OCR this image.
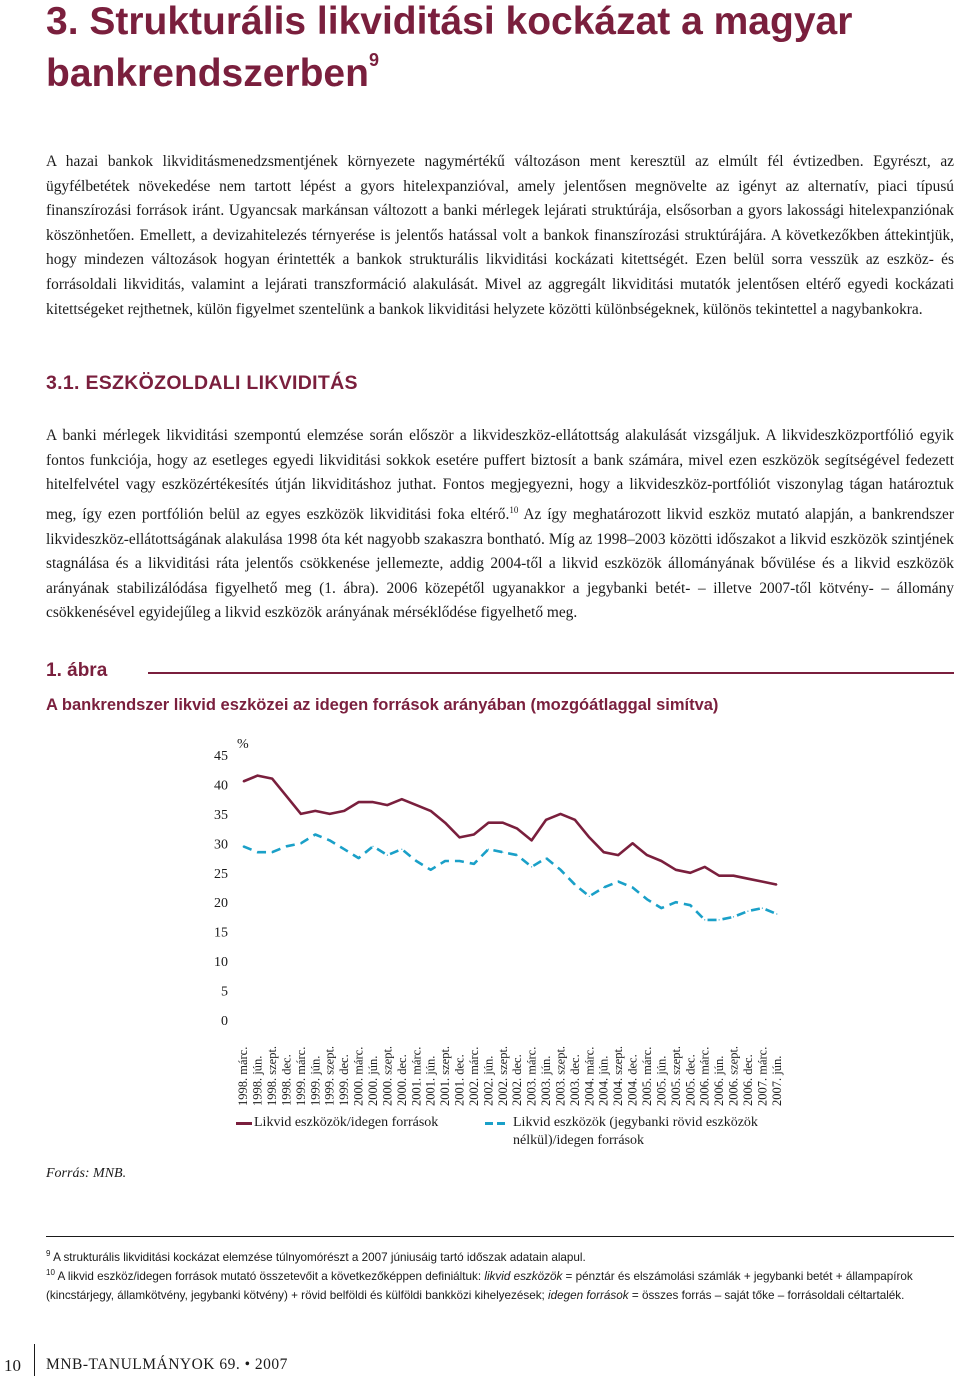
3. Strukturális likviditási kockázat a magyar bankrendszerben$^9$

A hazai bankok likviditásmenedzsmentjének környezete nagymértékű változáson ment keresztül az elmúlt fél évtizedben. Egyrészt, az ügyfélbetétek növekedése nem tartott lépést a gyors hitelexpanzióval, amely jelentősen megnövelte az igényt az alternatív, piaci típusú finanszírozási források iránt. Ugyancsak markánsan változott a banki mérlegek lejárati struktúrája, elsősorban a gyors lakossági hitelexpanziónak köszönhetően. Emellett, a devizahitelezés térnyerése is jelentős hatással volt a bankok finanszírozási struktúrájára. A következőkben áttekintjük, hogy mindezen változások hogyan érintették a bankok strukturális likviditási kockázati kitettségét. Ezen belül sorra vesszük az eszköz- és forrásoldali likviditás, valamint a lejárati transzformáció alakulását. Mivel az aggregált likviditási mutatók jelentősen eltérő egyedi kockázati kitettségeket rejthetnek, külön figyelmet szentelünk a bankok likviditási helyzete közötti különbségeknek, különös tekintettel a nagybankokra.

3.1. ESZKÖZOLDALI LIKVIDITÁS

A banki mérlegek likviditási szempontú elemzése során először a likvideszköz-ellátottság alakulását vizsgáljuk. A likvideszközportfólió egyik fontos funkciója, hogy az esetleges egyedi likviditási sokkok esetére puffert biztosít a bank számára, mivel ezen eszközök segítségével fedezett hitelfelvétel vagy eszközértékesítés útján likviditáshoz juthat. Fontos megjegyezni, hogy a likvideszköz-portfóliót viszonylag tágan határoztuk meg, így ezen portfólión belül az egyes eszközök likviditási foka eltérő.$^{10}$ Az így meghatározott likvid eszköz mutató alapján, a bankrendszer likvideszköz-ellátottságának alakulása 1998 óta két nagyobb szakaszra bontható. Míg az 1998–2003 közötti időszakot a likvid eszközök szintjének stagnálása és a likviditási ráta jelentős csökkenése jellemezte, addig 2004-től a likvid eszközök állományának bővülése és a likvid eszközök arányának stabilizálódása figyelhető meg (1. ábra). 2006 közepétől ugyanakkor a jegybanki betét- – illetve 2007-től kötvény- – állomány csökkenésével egyidejűleg a likvid eszközök arányának mérséklődése figyelhető meg.

1. ábra
A bankrendszer likvid eszközei az idegen források arányában (mozgóátlaggal simítva)
0
5
10
15
20
25
30
35
40
45
%
1998. márc. 1998. jún. 1998. szept. 1998. dec. 1999. márc. 1999. jún. 1999. szept. 1999. dec. 2000. márc. 2000. jún. 2000. szept. 2000. dec. 2001. márc. 2001. jún. 2001. szept. 2001. dec. 2002. márc. 2002. jún. 2002. szept. 2002. dec. 2003. márc. 2003. jún. 2003. szept. 2003. dec. 2004. márc. 2004. jún. 2004. szept. 2004. dec. 2005. márc. 2005. jún. 2005. szept. 2005. dec. 2006. márc. 2006. jún. 2006. szept. 2006. dec. 2007. márc. 2007. jún.
Likvid eszközök/idegen források	Likvid eszközök (jegybanki rövid eszközök nélkül)/idegen források
Forrás: MNB.

$^9$ A strukturális likviditási kockázat elemzése túlnyomórészt a 2007 júniusáig tartó időszak adatain alapul.

$^{10}$ A likvid eszköz/idegen források mutató összetevőit a következőképpen definiáltuk: likvid eszközök = pénztár és elszámolási számlák + jegybanki betét + állampapírok (kincstárjegy, államkötvény, jegybanki kötvény) + rövid belföldi és külföldi bankközi kihelyezések; idegen források = összes forrás – saját tőke – forrásoldali céltartalék.

10 MNB-TANULMÁNYOK 69. • 2007
